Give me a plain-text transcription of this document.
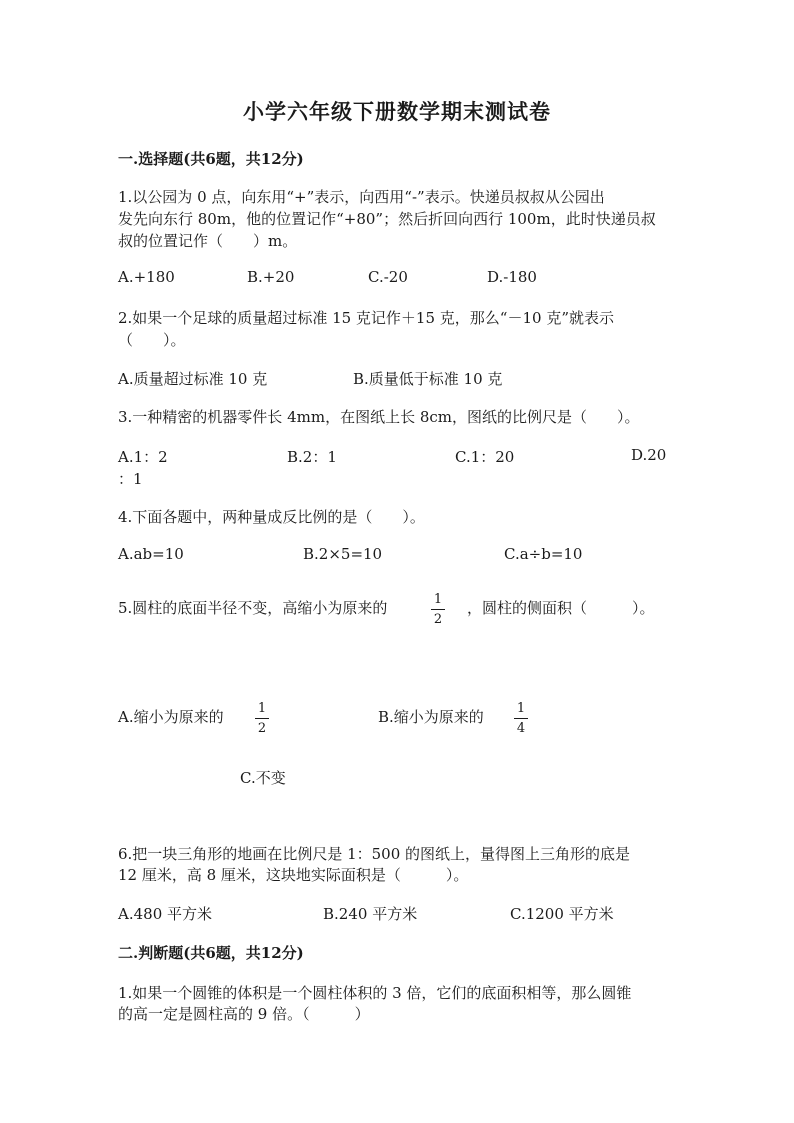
小学六年级下册数学期末测试卷
一.选择题(共6题，共12分)
1.以公园为 0 点，向东用“+”表示，向西用“-”表示。快递员叔叔从公园出
发先向东行 80m，他的位置记作“+80”；然后折回向西行 100m，此时快递员叔
叔的位置记作（　　）m。
A.+180	B.+20	C.-20	D.-180
2.如果一个足球的质量超过标准 15 克记作＋15 克，那么“－10 克”就表示
（　　）。
A.质量超过标准 10 克	B.质量低于标准 10 克
3.一种精密的机器零件长 4mm，在图纸上长 8cm，图纸的比例尺是（　　）。
A.1：2	B.2：1	C.1：20	D.20
：1
4.下面各题中，两种量成反比例的是（　　）。
A.ab=10	B.2×5=10	C.a÷b=10
5.圆柱的底面半径不变，高缩小为原来的	1
2
，圆柱的侧面积（　　　）。
A.缩小为原来的	1
2
B.缩小为原来的	1
4
C.不变
6.把一块三角形的地画在比例尺是 1：500 的图纸上，量得图上三角形的底是
12 厘米，高 8 厘米，这块地实际面积是（　　　）。
A.480 平方米	B.240 平方米	C.1200 平方米
二.判断题(共6题，共12分)
1.如果一个圆锥的体积是一个圆柱体积的 3 倍，它们的底面积相等，那么圆锥
的高一定是圆柱高的 9 倍。（　　　）
